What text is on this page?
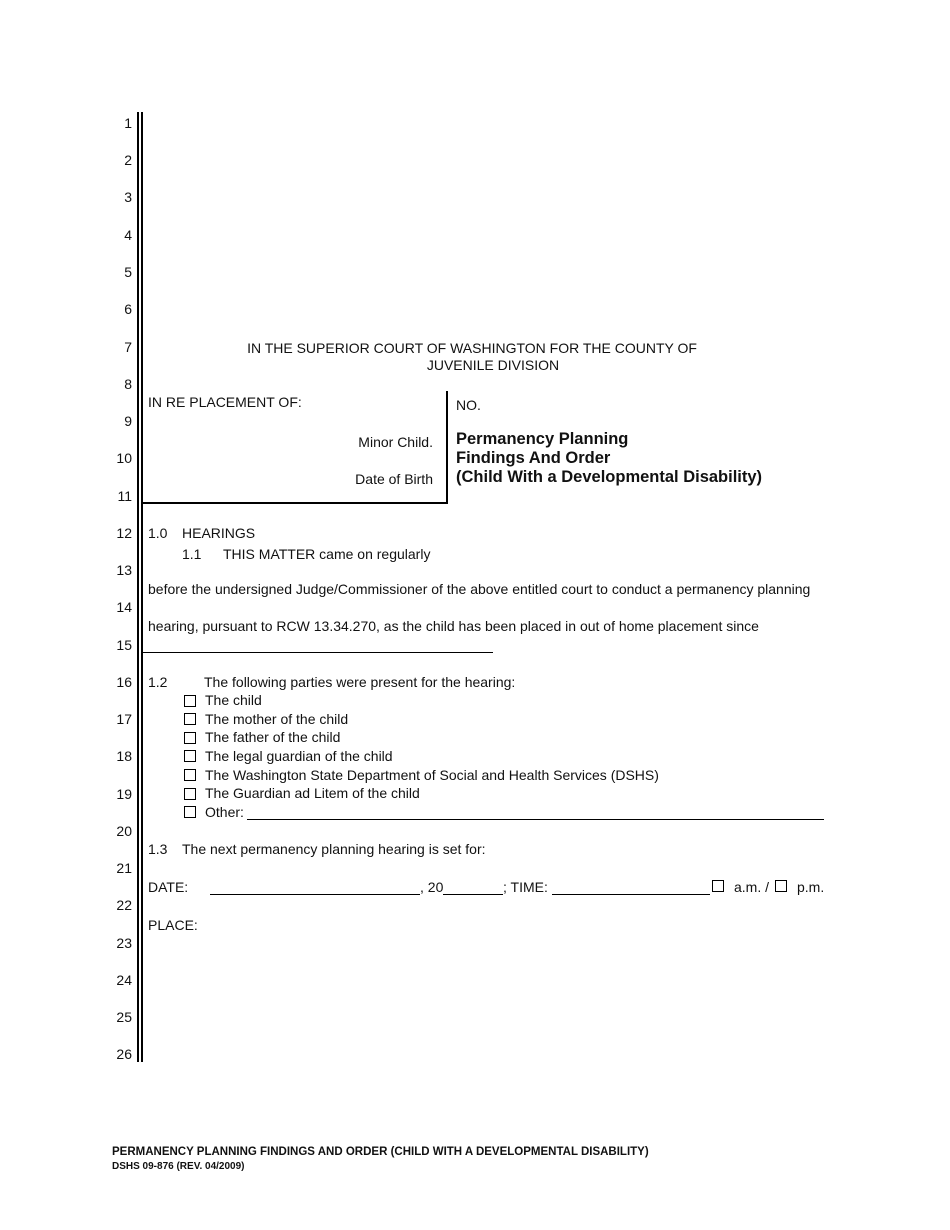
1
2
3
4
5
6
7
8
9
10
11
12
13
14
15
16
17
18
19
20
21
22
23
24
25
26
IN THE SUPERIOR COURT OF WASHINGTON FOR THE COUNTY OF
JUVENILE DIVISION
IN RE PLACEMENT OF:
Minor Child.
Date of Birth
NO.
Permanency Planning
Findings And Order
(Child With a Developmental Disability)
1.0 HEARINGS
1.1 THIS MATTER came on regularly
before the undersigned Judge/Commissioner of the above entitled court to conduct a permanency planning
hearing, pursuant to RCW 13.34.270, as the child has been placed in out of home placement since
1.2	The following parties were present for the hearing:
The child
The mother of the child
The father of the child
The legal guardian of the child
The Washington State Department of Social and Health Services (DSHS)
The Guardian ad Litem of the child
Other:
1.3 The next permanency planning hearing is set for:
DATE:	, 20	; TIME:	a.m. / p.m.
PLACE:
PERMANENCY PLANNING FINDINGS AND ORDER (CHILD WITH A DEVELOPMENTAL DISABILITY)
DSHS 09-876 (REV. 04/2009)
